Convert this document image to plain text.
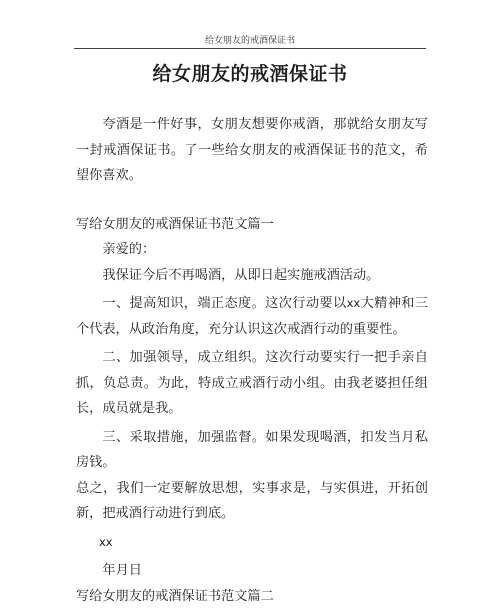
给女朋友的戒酒保证书
给女朋友的戒酒保证书

夸酒是一件好事，女朋友想要你戒酒，那就给女朋友写一封戒酒保证书。了一些给女朋友的戒酒保证书的范文，希望你喜欢。

写给女朋友的戒酒保证书范文篇一

亲爱的：

我保证今后不再喝酒，从即日起实施戒酒活动。

一、提高知识，端正态度。这次行动要以xx大精神和三个代表，从政治角度，充分认识这次戒酒行动的重要性。

二、加强领导，成立组织。这次行动要实行一把手亲自抓，负总责。为此，特成立戒酒行动小组。由我老婆担任组长，成员就是我。

三、采取措施，加强监督。如果发现喝酒，扣发当月私房钱。

总之，我们一定要解放思想，实事求是，与实俱进，开拓创新，把戒酒行动进行到底。

xx

年月日

写给女朋友的戒酒保证书范文篇二
